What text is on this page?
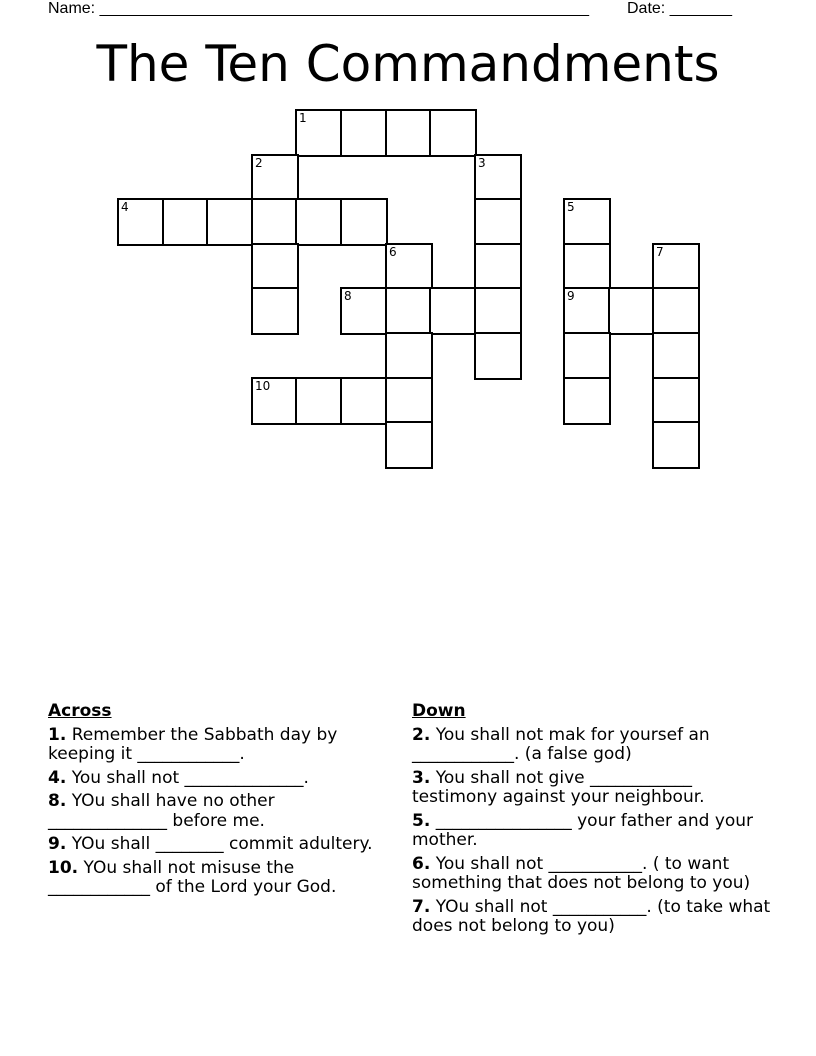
Name: _______________________________________________________ Date: _______
The Ten Commandments
1
2	3
4	5
6	7
8	9
10
Across
1. Remember the Sabbath day by keeping it ____________.
4. You shall not ______________.
8. YOu shall have no other ______________ before me.
9. YOu shall ________ commit adultery.
10. YOu shall not misuse the ____________ of the Lord your God.
Down
2. You shall not mak for yoursef an ____________. (a false god)
3. You shall not give ____________ testimony against your neighbour.
5. ________________ your father and your mother.
6. You shall not ___________. ( to want something that does not belong to you)
7. YOu shall not ___________. (to take what does not belong to you)
